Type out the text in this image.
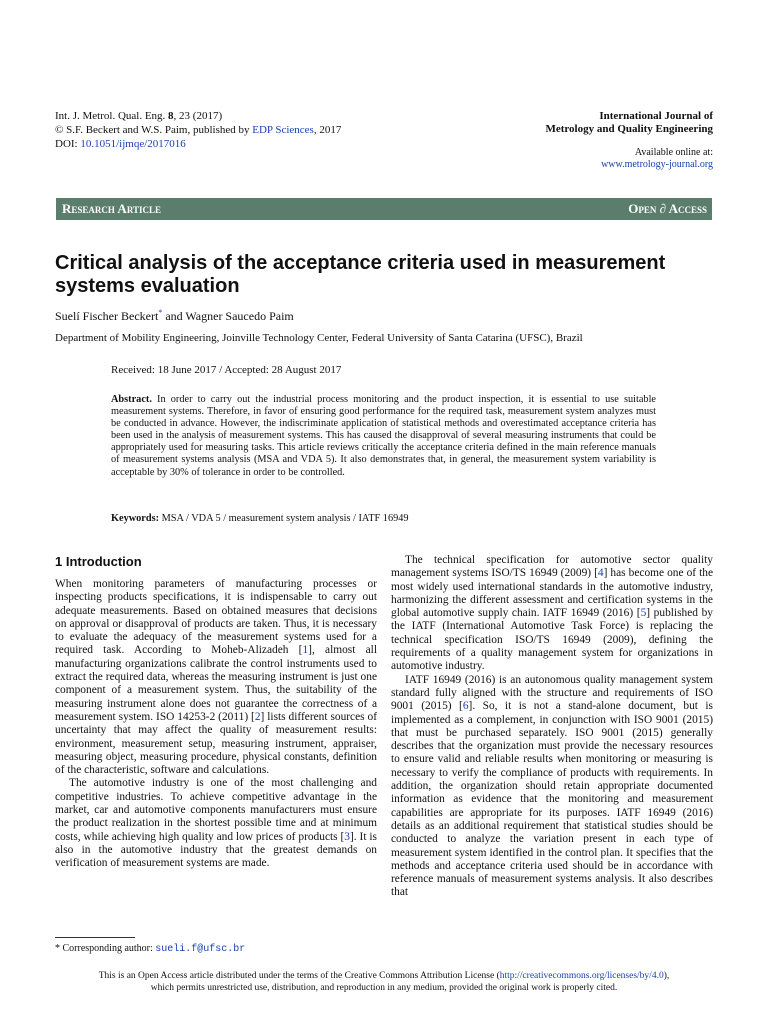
Int. J. Metrol. Qual. Eng. 8, 23 (2017)
© S.F. Beckert and W.S. Paim, published by EDP Sciences, 2017
DOI: 10.1051/ijmqe/2017016
International Journal of
Metrology and Quality Engineering
Available online at:
www.metrology-journal.org
Research Article	Open ∂ Access
Critical analysis of the acceptance criteria used in measurement systems evaluation
Suelí Fischer Beckert* and Wagner Saucedo Paim
Department of Mobility Engineering, Joinville Technology Center, Federal University of Santa Catarina (UFSC), Brazil
Received: 18 June 2017 / Accepted: 28 August 2017
Abstract. In order to carry out the industrial process monitoring and the product inspection, it is essential to use suitable measurement systems. Therefore, in favor of ensuring good performance for the required task, measurement system analyzes must be conducted in advance. However, the indiscriminate application of statistical methods and overestimated acceptance criteria has been used in the analysis of measurement systems. This has caused the disapproval of several measuring instruments that could be appropriately used for measuring tasks. This article reviews critically the acceptance criteria defined in the main reference manuals of measurement systems analysis (MSA and VDA 5). It also demonstrates that, in general, the measurement system variability is acceptable by 30% of tolerance in order to be controlled.
Keywords: MSA / VDA 5 / measurement system analysis / IATF 16949
1 Introduction

When monitoring parameters of manufacturing processes or inspecting products specifications, it is indispensable to carry out adequate measurements. Based on obtained measures that decisions on approval or disapproval of products are taken. Thus, it is necessary to evaluate the adequacy of the measurement systems used for a required task. According to Moheb-Alizadeh [1], almost all manufacturing organizations calibrate the control instruments used to extract the required data, whereas the measuring instrument is just one component of a measurement system. Thus, the suitability of the measuring instrument alone does not guarantee the correctness of a measurement system. ISO 14253-2 (2011) [2] lists different sources of uncertainty that may affect the quality of measurement results: environment, measurement setup, measuring instrument, appraiser, measuring object, measuring procedure, physical constants, definition of the characteristic, software and calculations.

The automotive industry is one of the most challenging and competitive industries. To achieve competitive advantage in the market, car and automotive components manufacturers must ensure the product realization in the shortest possible time and at minimum costs, while achieving high quality and low prices of products [3]. It is also in the automotive industry that the greatest demands on verification of measurement systems are made.

The technical specification for automotive sector quality management systems ISO/TS 16949 (2009) [4] has become one of the most widely used international standards in the automotive industry, harmonizing the different assessment and certification systems in the global automotive supply chain. IATF 16949 (2016) [5] published by the IATF (International Automotive Task Force) is replacing the technical specification ISO/TS 16949 (2009), defining the requirements of a quality management system for organizations in automotive industry.

IATF 16949 (2016) is an autonomous quality management system standard fully aligned with the structure and requirements of ISO 9001 (2015) [6]. So, it is not a stand-alone document, but is implemented as a complement, in conjunction with ISO 9001 (2015) that must be purchased separately. ISO 9001 (2015) generally describes that the organization must provide the necessary resources to ensure valid and reliable results when monitoring or measuring is necessary to verify the compliance of products with requirements. In addition, the organization should retain appropriate documented information as evidence that the monitoring and measurement capabilities are appropriate for its purposes. IATF 16949 (2016) details as an additional requirement that statistical studies should be conducted to analyze the variation present in each type of measurement system identified in the control plan. It specifies that the methods and acceptance criteria used should be in accordance with reference manuals of measurement systems analysis. It also describes that

* Corresponding author: sueli.f@ufsc.br
This is an Open Access article distributed under the terms of the Creative Commons Attribution License (http://creativecommons.org/licenses/by/4.0),
which permits unrestricted use, distribution, and reproduction in any medium, provided the original work is properly cited.
